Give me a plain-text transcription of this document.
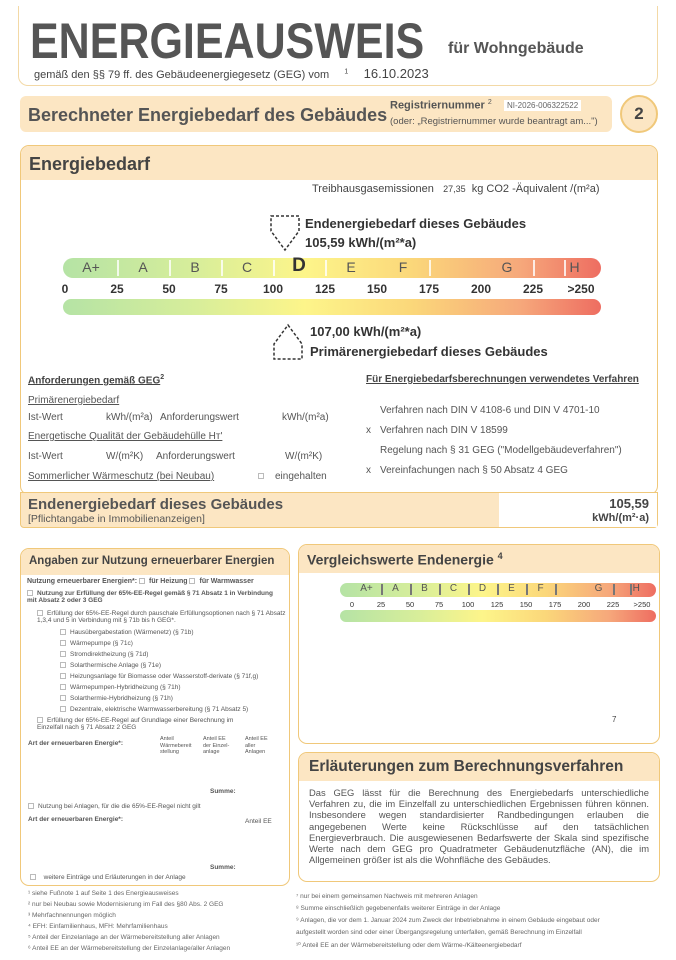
ENERGIEAUSWEIS für Wohngebäude
gemäß den §§ 79 ff. des Gebäudeenergiegesetz (GEG) vom $^1$ 16.10.2023
Berechneter Energiebedarf des Gebäudes Registriernummer $^2$	NI-2026-006322522
(oder: „Registriernummer wurde beantragt am...")	2
Energiebedarf
Treibhausgasemissionen 27,35 kg CO2 -Äquivalent /(m²a)
Endenergiebedarf dieses Gebäudes
105,59 kWh/(m²*a)
A+	A	B	C D	E	F	G	H
0	25	50	75	100	125	150	175	200	225 >250
107,00 kWh/(m²*a)
Primärenergiebedarf dieses Gebäudes
Anforderungen gemäß GEG$^2$
Primärenergiebedarf
Ist-Wert	kWh/(m²a) Anforderungswert	kWh/(m²a)
Energetische Qualität der Gebäudehülle Hт'
Ist-Wert	W/(m²K) Anforderungswert	W/(m²K)
Sommerlicher Wärmeschutz (bei Neubau)	eingehalten
Für Energiebedarfsberechnungen verwendetes Verfahren
Verfahren nach DIN V 4108-6 und DIN V 4701-10
x Verfahren nach DIN V 18599
Regelung nach § 31 GEG ("Modellgebäudeverfahren")
x Vereinfachungen nach § 50 Absatz 4 GEG
Endenergiebedarf dieses Gebäudes
[Pflichtangabe in Immobilienanzeigen]
105,59
kWh/(m²·a)
Angaben zur Nutzung erneuerbarer Energien
Nutzung erneuerbarer Energien*: für Heizung für Warmwasser
Nutzung zur Erfüllung der 65%-EE-Regel gemäß § 71 Absatz 1 in Verbindung mit Absatz 2 oder 3 GEG
Erfüllung der 65%-EE-Regel durch pauschale Erfüllungsoptionen nach § 71 Absatz 1,3,4 und 5 in Verbindung mit § 71b bis h GEG*.
Hausübergabestation (Wärmenetz) (§ 71b)
Wärmepumpe (§ 71c)
Stromdirektheizung (§ 71d)
Solarthermische Anlage (§ 71e)
Heizungsanlage für Biomasse oder Wasserstoff-derivate (§ 71f,g)
Wärmepumpen-Hybridheizung (§ 71h)
Solarthermie-Hybridheizung (§ 71h)
Dezentrale, elektrische Warmwasserbereitung (§ 71 Absatz 5)
Erfüllung der 65%-EE-Regel auf Grundlage einer Berechnung im Einzelfall nach § 71 Absatz 2 GEG
Anteil Wärmebereit stellung
Anteil EE der Einzel-anlage
Anteil EE aller Anlagen
Art der erneuerbaren Energie*:
Summe:
Nutzung bei Anlagen, für die die 65%-EE-Regel nicht gilt
Art der erneuerbaren Energie*:	Anteil EE
Summe:
weitere Einträge und Erläuterungen in der Anlage
Vergleichswerte Endenergie $^4$
A+ A B C D E F	G	H
0	25	50	75 100 125 150 175 200 225 >250
7
Erläuterungen zum Berechnungsverfahren
Das GEG lässt für die Berechnung des Energiebedarfs unterschiedliche Verfahren zu, die im Einzelfall zu unterschiedlichen Ergebnissen führen können. Insbesondere wegen standardisierter Randbedingungen erlauben die angegebenen Werte keine Rückschlüsse auf den tatsächlichen Energieverbrauch. Die ausgewiesenen Bedarfswerte der Skala sind spezifische Werte nach dem GEG pro Quadratmeter Gebäudenutzfläche (AN), die im Allgemeinen größer ist als die Wohnfläche des Gebäudes.
¹ siehe Fußnote 1 auf Seite 1 des Energieausweises
² nur bei Neubau sowie Modernisierung im Fall des §80 Abs. 2 GEG
³ Mehrfachnennungen möglich
⁴ EFH: Einfamilienhaus, MFH: Mehrfamilienhaus
⁵ Anteil der Einzelanlage an der Wärmebereitstellung aller Anlagen
⁶ Anteil EE an der Wärmebereitstellung der Einzelanlage/aller Anlagen
⁷ nur bei einem gemeinsamen Nachweis mit mehreren Anlagen
⁸ Summe einschließlich gegebenenfalls weiterer Einträge in der Anlage
⁹ Anlagen, die vor dem 1. Januar 2024 zum Zweck der Inbetriebnahme in einem Gebäude eingebaut oder
aufgestellt worden sind oder einer Übergangsregelung unterfallen, gemäß Berechnung im Einzelfall
¹⁰ Anteil EE an der Wärmebereitstellung oder dem Wärme-/Kälteenergiebedarf
